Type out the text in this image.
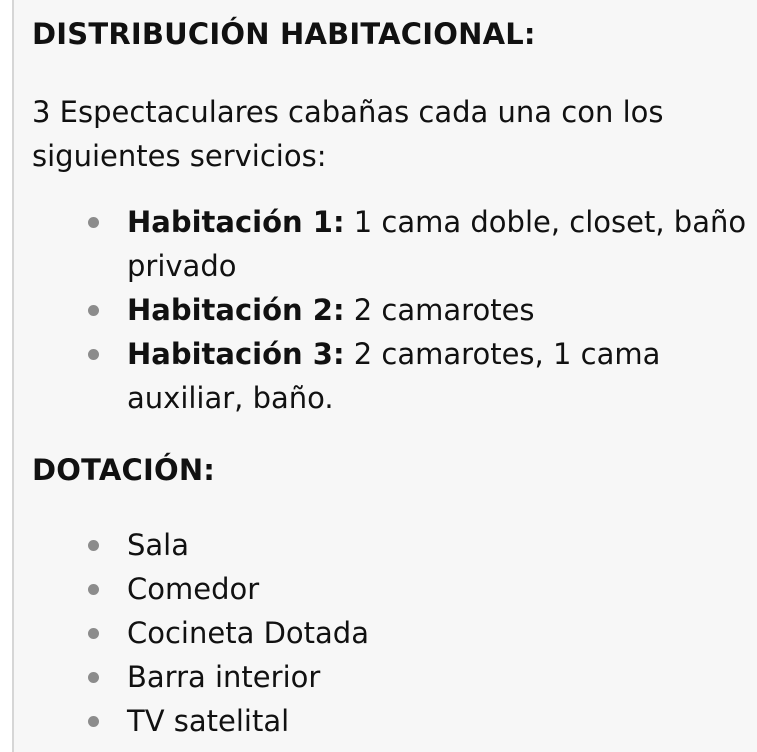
DISTRIBUCIÓN HABITACIONAL:

3 Espectaculares cabañas cada una con los siguientes servicios:

Habitación 1: 1 cama doble, closet, baño privado
Habitación 2: 2 camarotes
Habitación 3: 2 camarotes, 1 cama auxiliar, baño.
DOTACIÓN:
Sala
Comedor
Cocineta Dotada
Barra interior
TV satelital
